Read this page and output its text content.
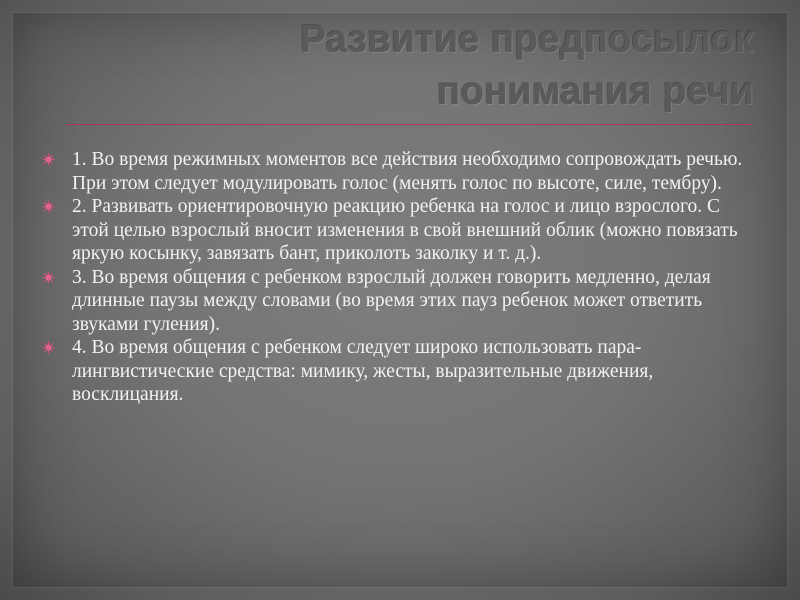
Развитие предпосылок
понимания речи
1. Во время режимных моментов все действия необходимо сопровождать речью. При этом следует модулировать голос (менять голос по высоте, силе, тембру).
2. Развивать ориентировочную реакцию ребенка на голос и лицо взрослого. С этой целью взрослый вносит изменения в свой внешний облик (можно повязать яркую косынку, завязать бант, приколоть заколку и т. д.).
3. Во время общения с ребенком взрослый должен говорить медленно, делая длинные паузы между словами (во время этих пауз ребенок может ответить звуками гуления).
4. Во время общения с ребенком следует широко использовать пара-лингвистические средства: мимику, жесты, выразительные движения, восклицания.
